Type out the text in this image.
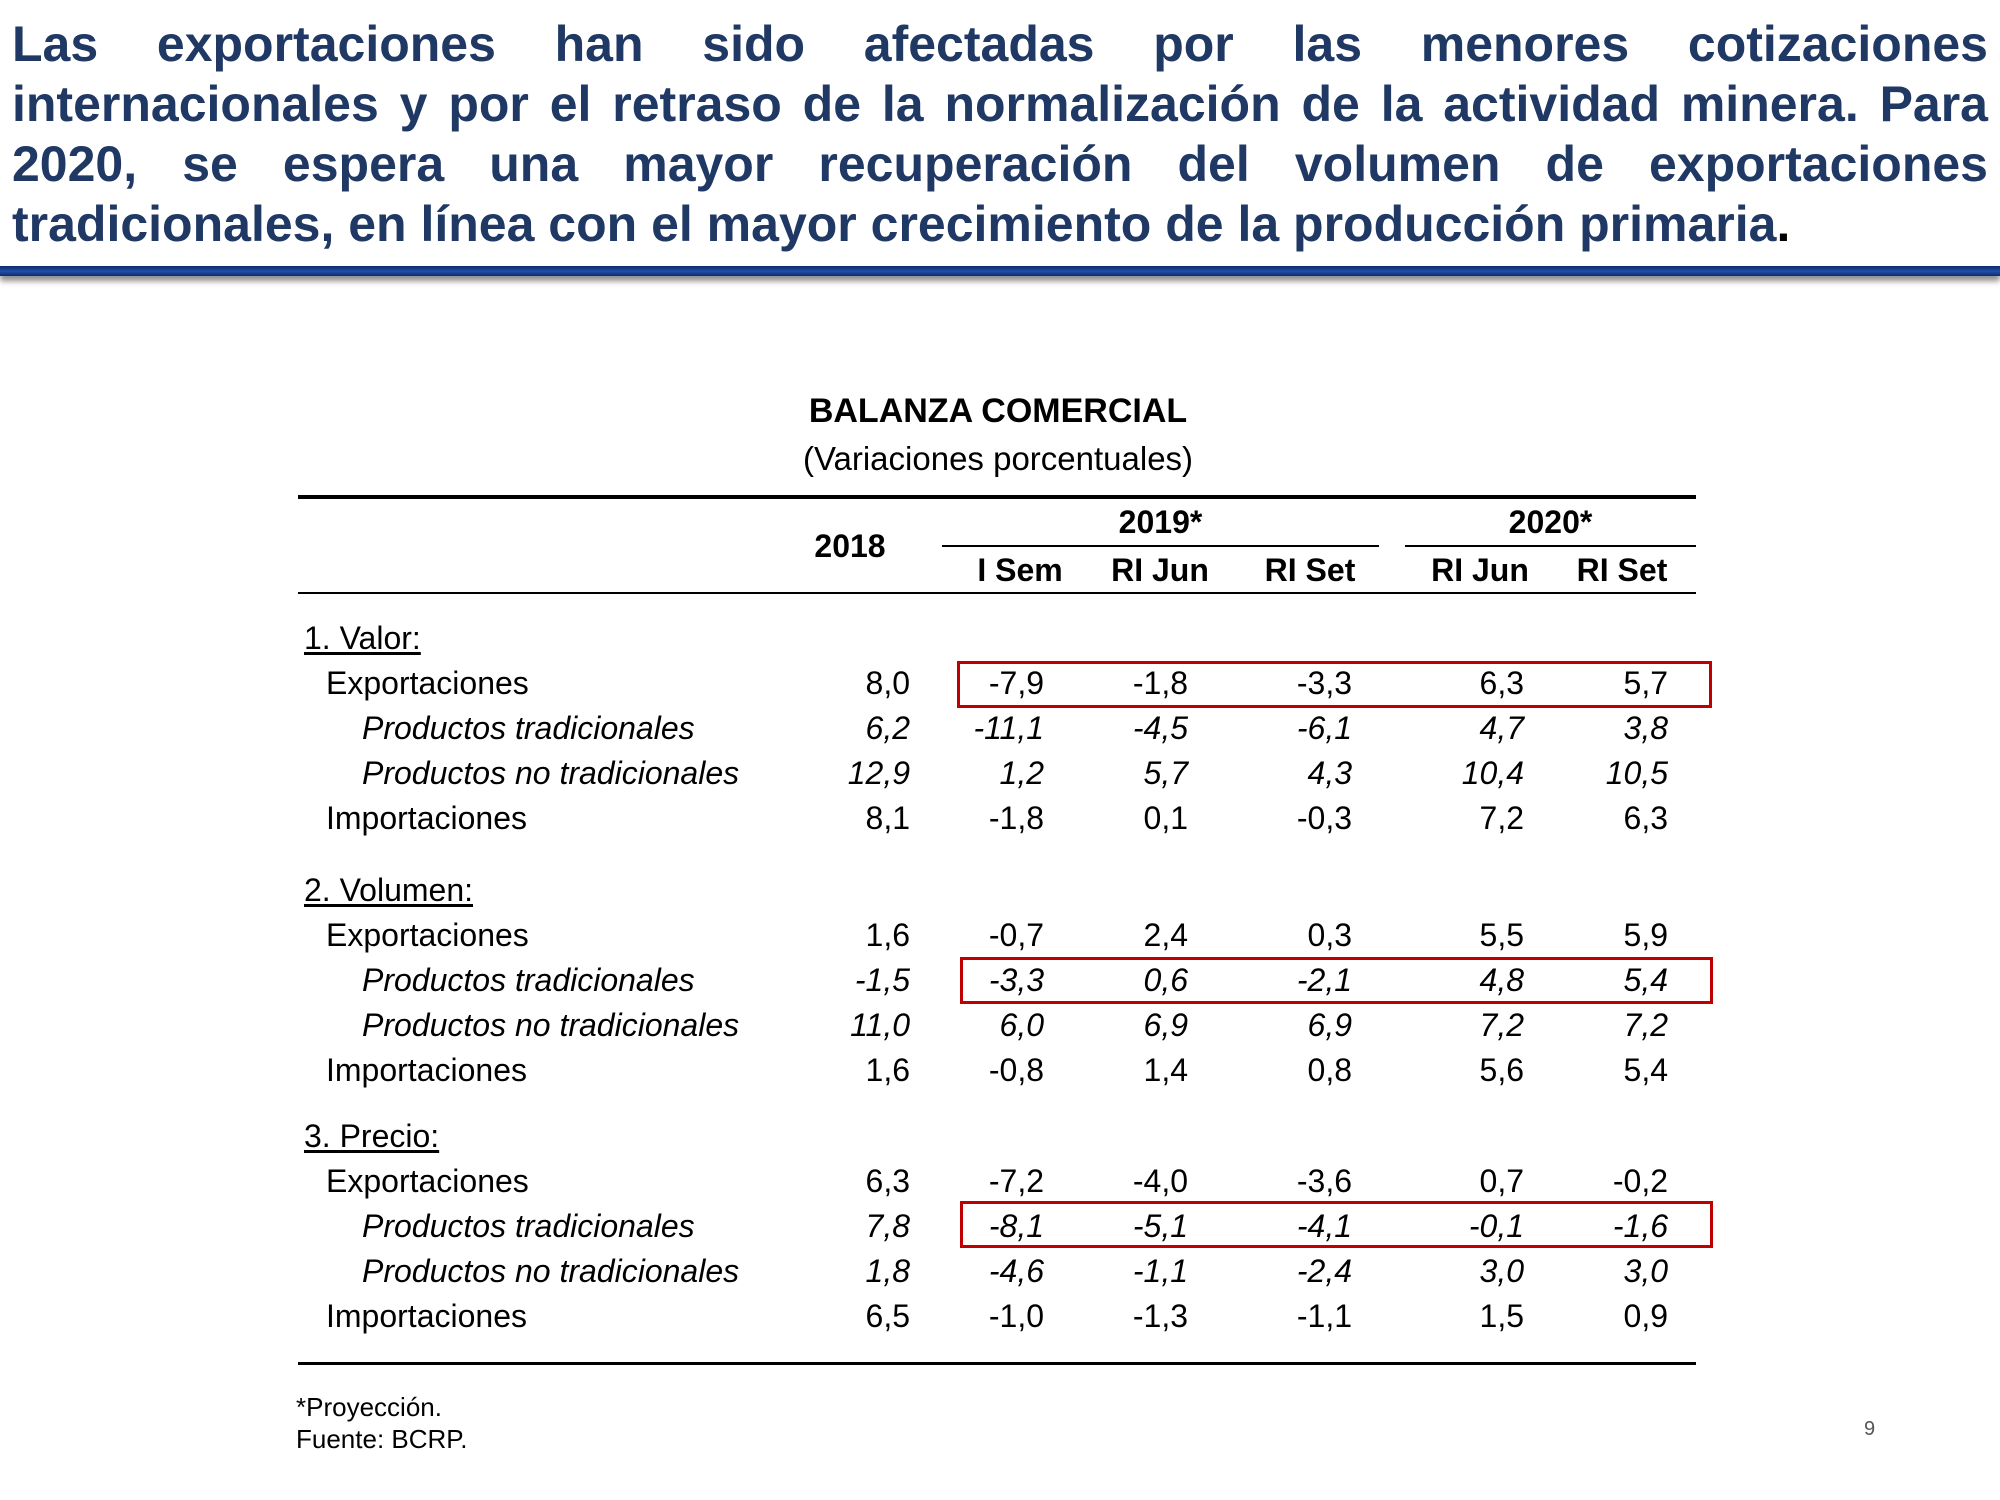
Las exportaciones han sido afectadas por las menores cotizaciones internacionales y por el retraso de la normalización de la actividad minera. Para 2020, se espera una mayor recuperación del volumen de exportaciones tradicionales, en línea con el mayor crecimiento de la producción primaria.

BALANZA COMERCIAL
(Variaciones porcentuales)
2018
2019*	2020*
I Sem	RI Jun	RI Set	RI Jun	RI Set
1. Valor:
Exportaciones	8,0	-7,9	-1,8	-3,3	6,3	5,7
Productos tradicionales	6,2	-11,1	-4,5	-6,1	4,7	3,8
Productos no tradicionales	12,9	1,2	5,7	4,3	10,4	10,5
Importaciones	8,1	-1,8	0,1	-0,3	7,2	6,3
2. Volumen:
Exportaciones	1,6	-0,7	2,4	0,3	5,5	5,9
Productos tradicionales	-1,5	-3,3	0,6	-2,1	4,8	5,4
Productos no tradicionales	11,0	6,0	6,9	6,9	7,2	7,2
Importaciones	1,6	-0,8	1,4	0,8	5,6	5,4
3. Precio:
Exportaciones	6,3	-7,2	-4,0	-3,6	0,7	-0,2
Productos tradicionales	7,8	-8,1	-5,1	-4,1	-0,1	-1,6
Productos no tradicionales	1,8	-4,6	-1,1	-2,4	3,0	3,0
Importaciones	6,5	-1,0	-1,3	-1,1	1,5	0,9
*Proyección.
Fuente: BCRP.	9
